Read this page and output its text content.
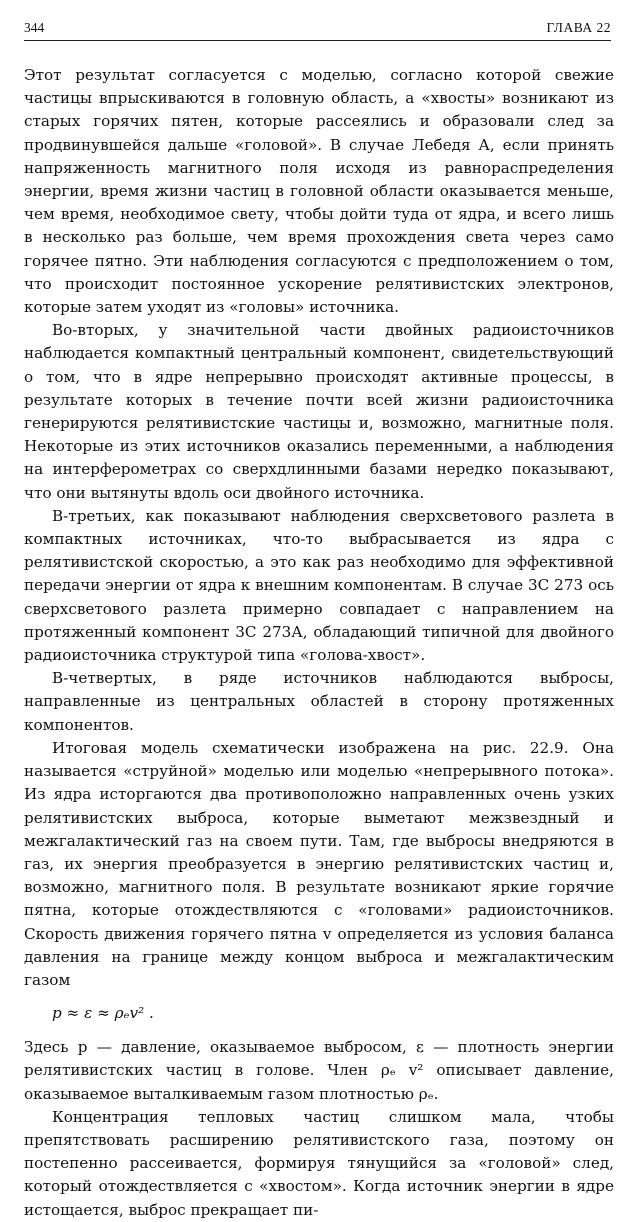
344	ГЛАВА 22

Этот результат согласуется с моделью, согласно которой свежие частицы впрыскиваются в головную область, а «хвосты» возникают из старых горячих пятен, которые рассеялись и образовали след за продвинувшейся дальше «головой». В случае Лебедя А, если принять напряженность магнитного поля исходя из равнораспределения энергии, время жизни частиц в головной области оказывается меньше, чем время, необходимое свету, чтобы дойти туда от ядра, и всего лишь в несколько раз больше, чем время прохождения света через само горячее пятно. Эти наблюдения согласуются с предположением о том, что происходит постоянное ускорение релятивистских электронов, которые затем уходят из «головы» источника.

Во-вторых, у значительной части двойных радиоисточников наблюдается компактный центральный компонент, свидетельствующий о том, что в ядре непрерывно происходят активные процессы, в результате которых в течение почти всей жизни радиоисточника генерируются релятивистские частицы и, возможно, магнитные поля. Некоторые из этих источников оказались переменными, а наблюдения на интерферометрах со сверхдлинными базами нередко показывают, что они вытянуты вдоль оси двойного источника.

В-третьих, как показывают наблюдения сверхсветового разлета в компактных источниках, что-то выбрасывается из ядра с релятивистской скоростью, а это как раз необходимо для эффективной передачи энергии от ядра к внешним компонентам. В случае 3С 273 ось сверхсветового разлета примерно совпадает с направлением на протяженный компонент 3С 273А, обладающий типичной для двойного радиоисточника структурой типа «голова-хвост».

В-четвертых, в ряде источников наблюдаются выбросы, направленные из центральных областей в сторону протяженных компонентов.

Итоговая модель схематически изображена на рис. 22.9. Она называется «струйной» моделью или моделью «непрерывного потока». Из ядра исторгаются два противоположно направленных очень узких релятивистских выброса, которые выметают межзвездный и межгалактический газ на своем пути. Там, где выбросы внедряются в газ, их энергия преобразуется в энергию релятивистских частиц и, возможно, магнитного поля. В результате возникают яркие горячие пятна, которые отождествляются с «головами» радиоисточников. Скорость движения горячего пятна v определяется из условия баланса давления на границе между концом выброса и межгалактическим газом

p ≈ ε ≈ ρₑv² .

Здесь p — давление, оказываемое выбросом, ε — плотность энергии релятивистских частиц в голове. Член ρₑ v² описывает давление, оказываемое выталкиваемым газом плотностью ρₑ.

Концентрация тепловых частиц слишком мала, чтобы препятствовать расширению релятивистского газа, поэтому он постепенно рассеивается, формируя тянущийся за «головой» след, который отождествляется с «хвостом». Когда источник энергии в ядре истощается, выброс прекращает пи-
